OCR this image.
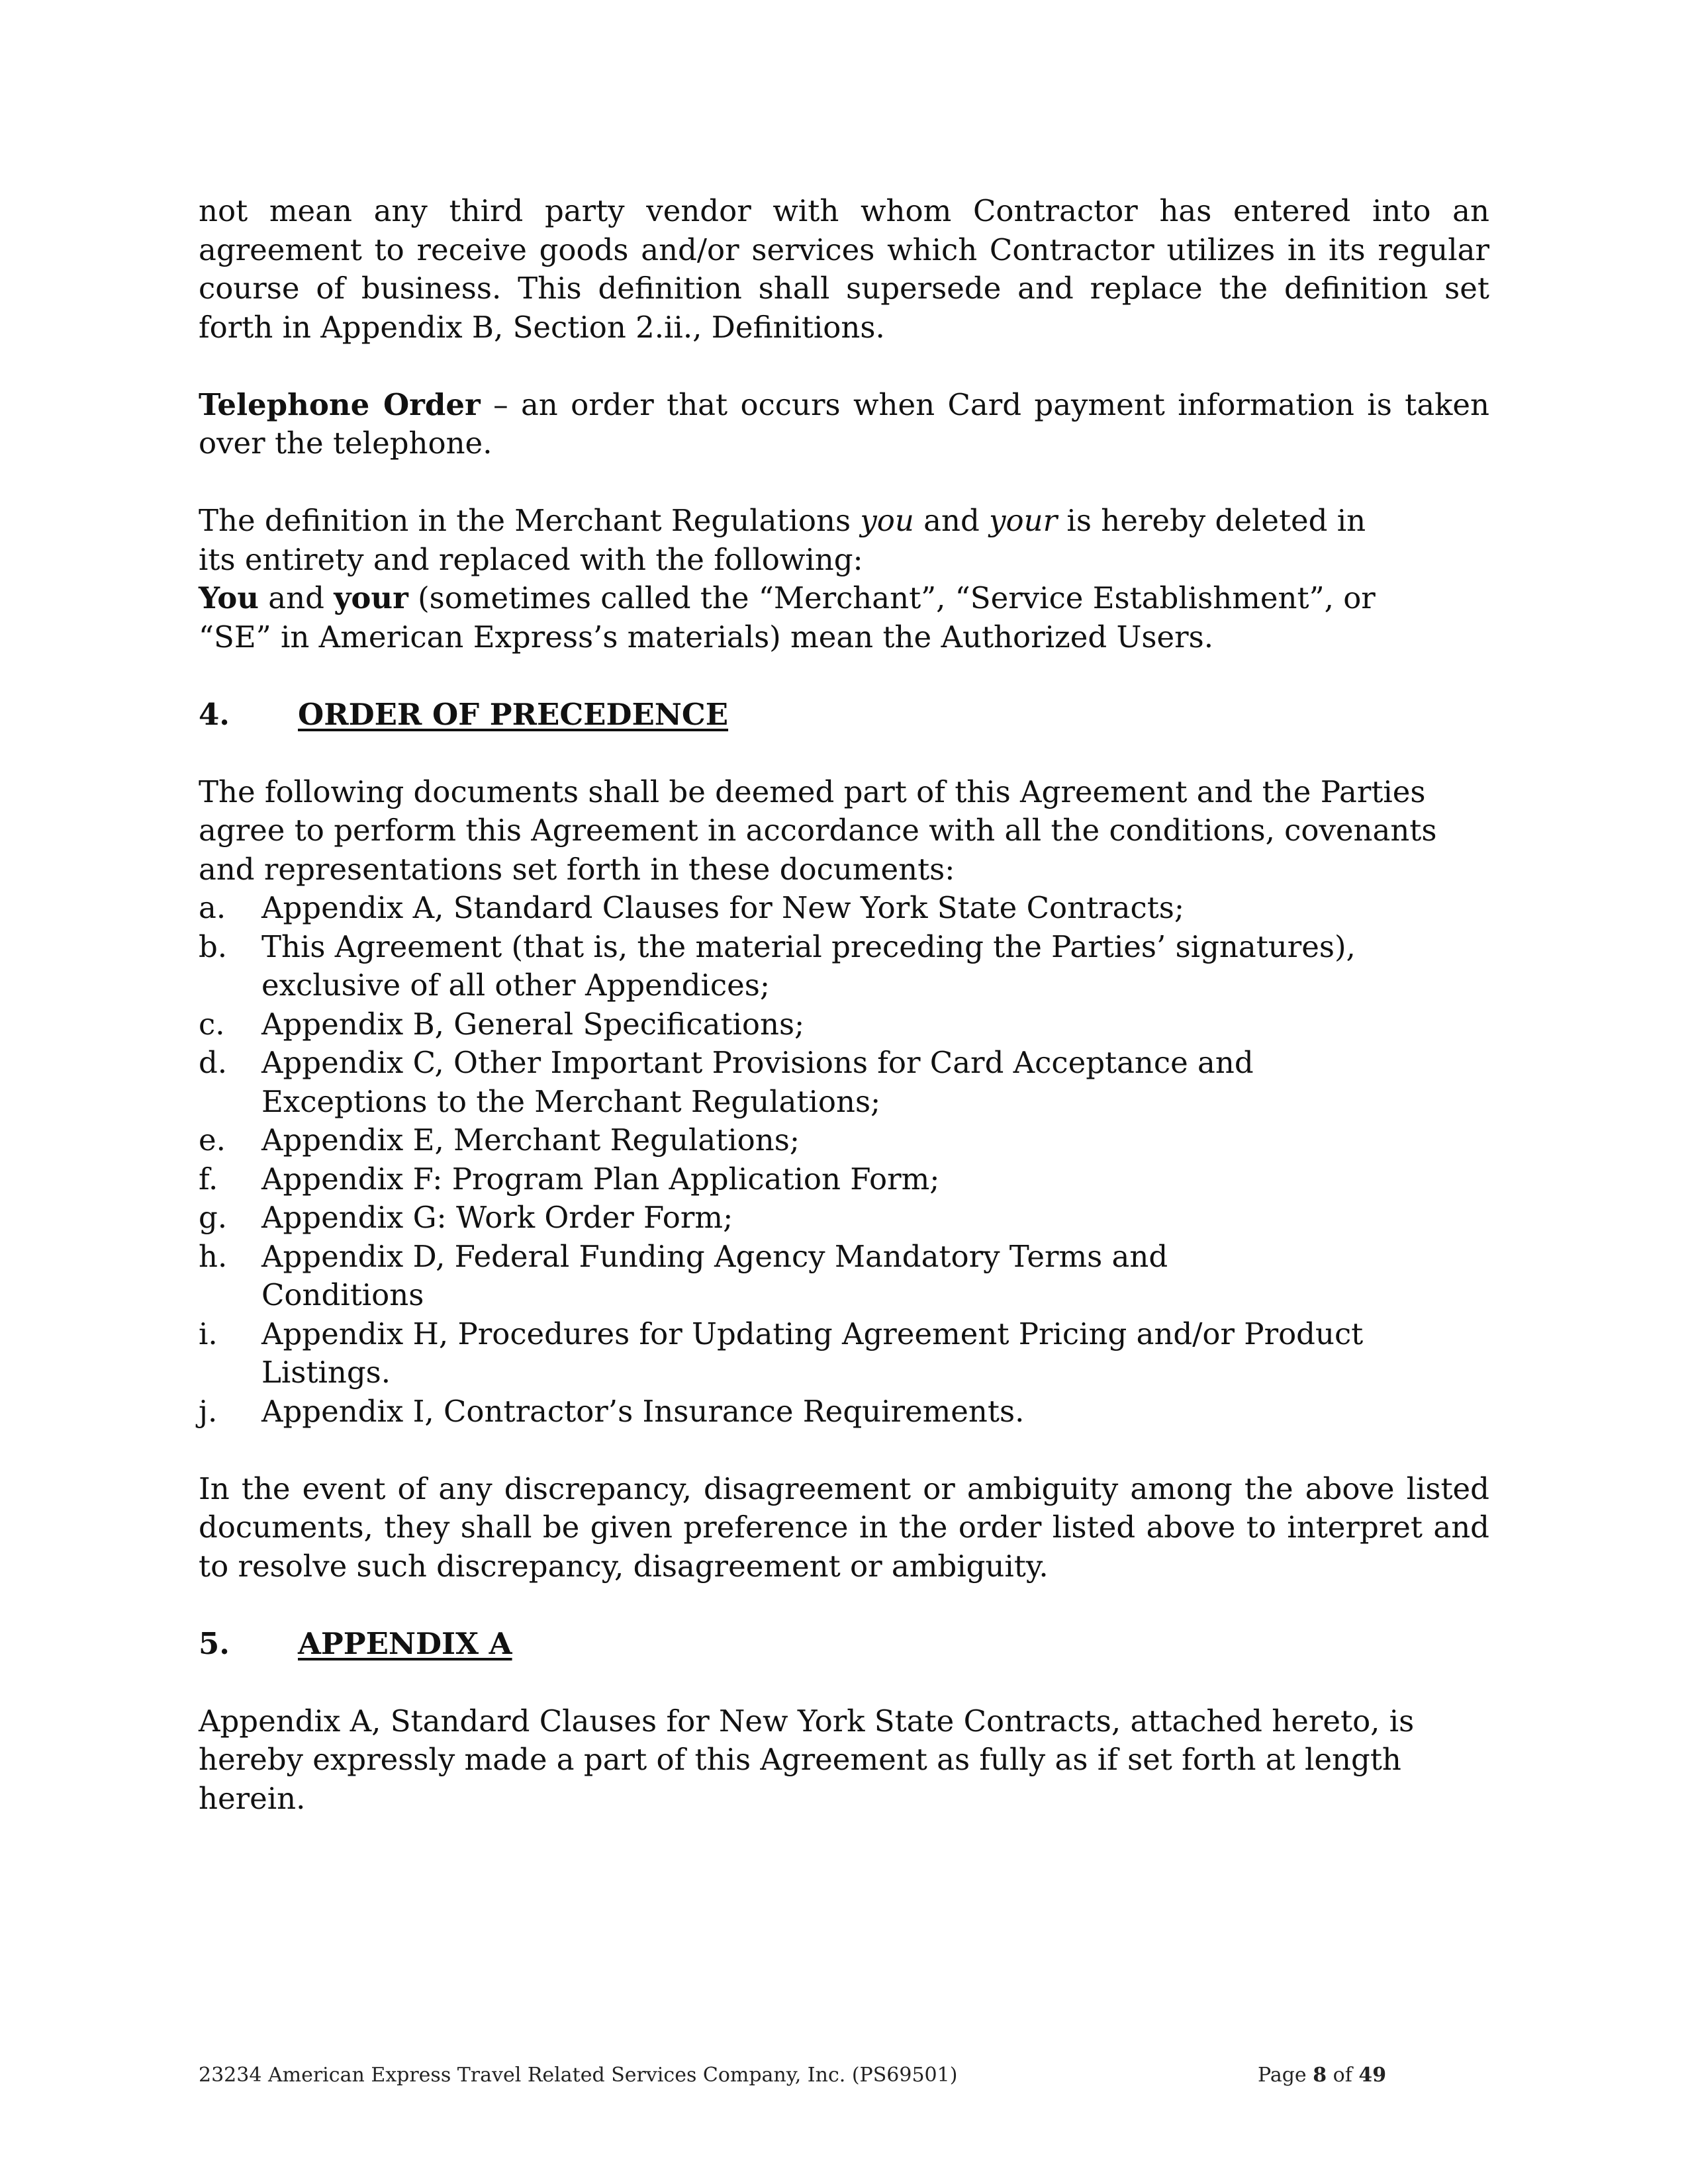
not mean any third party vendor with whom Contractor has entered into an agreement to receive goods and/or services which Contractor utilizes in its regular course of business. This definition shall supersede and replace the definition set forth in Appendix B, Section 2.ii., Definitions.

Telephone Order – an order that occurs when Card payment information is taken over the telephone.

The definition in the Merchant Regulations you and your is hereby deleted in its entirety and replaced with the following:

You and your (sometimes called the “Merchant”, “Service Establishment”, or “SE” in American Express’s materials) mean the Authorized Users.

4.	ORDER OF PRECEDENCE

The following documents shall be deemed part of this Agreement and the Parties agree to perform this Agreement in accordance with all the conditions, covenants and representations set forth in these documents:

a.	Appendix A, Standard Clauses for New York State Contracts;
b.	This Agreement (that is, the material preceding the Parties’ signatures), exclusive of all other Appendices;
c.	Appendix B, General Specifications;
d.	Appendix C, Other Important Provisions for Card Acceptance and Exceptions to the Merchant Regulations;
e.	Appendix E, Merchant Regulations;
f.	Appendix F: Program Plan Application Form;
g.	Appendix G: Work Order Form;
h.	Appendix D, Federal Funding Agency Mandatory Terms and Conditions
i.	Appendix H, Procedures for Updating Agreement Pricing and/or Product Listings.
j.	Appendix I, Contractor’s Insurance Requirements.

In the event of any discrepancy, disagreement or ambiguity among the above listed documents, they shall be given preference in the order listed above to interpret and to resolve such discrepancy, disagreement or ambiguity.

5.	APPENDIX A

Appendix A, Standard Clauses for New York State Contracts, attached hereto, is hereby expressly made a part of this Agreement as fully as if set forth at length herein.

23234 American Express Travel Related Services Company, Inc. (PS69501)	Page 8 of 49
